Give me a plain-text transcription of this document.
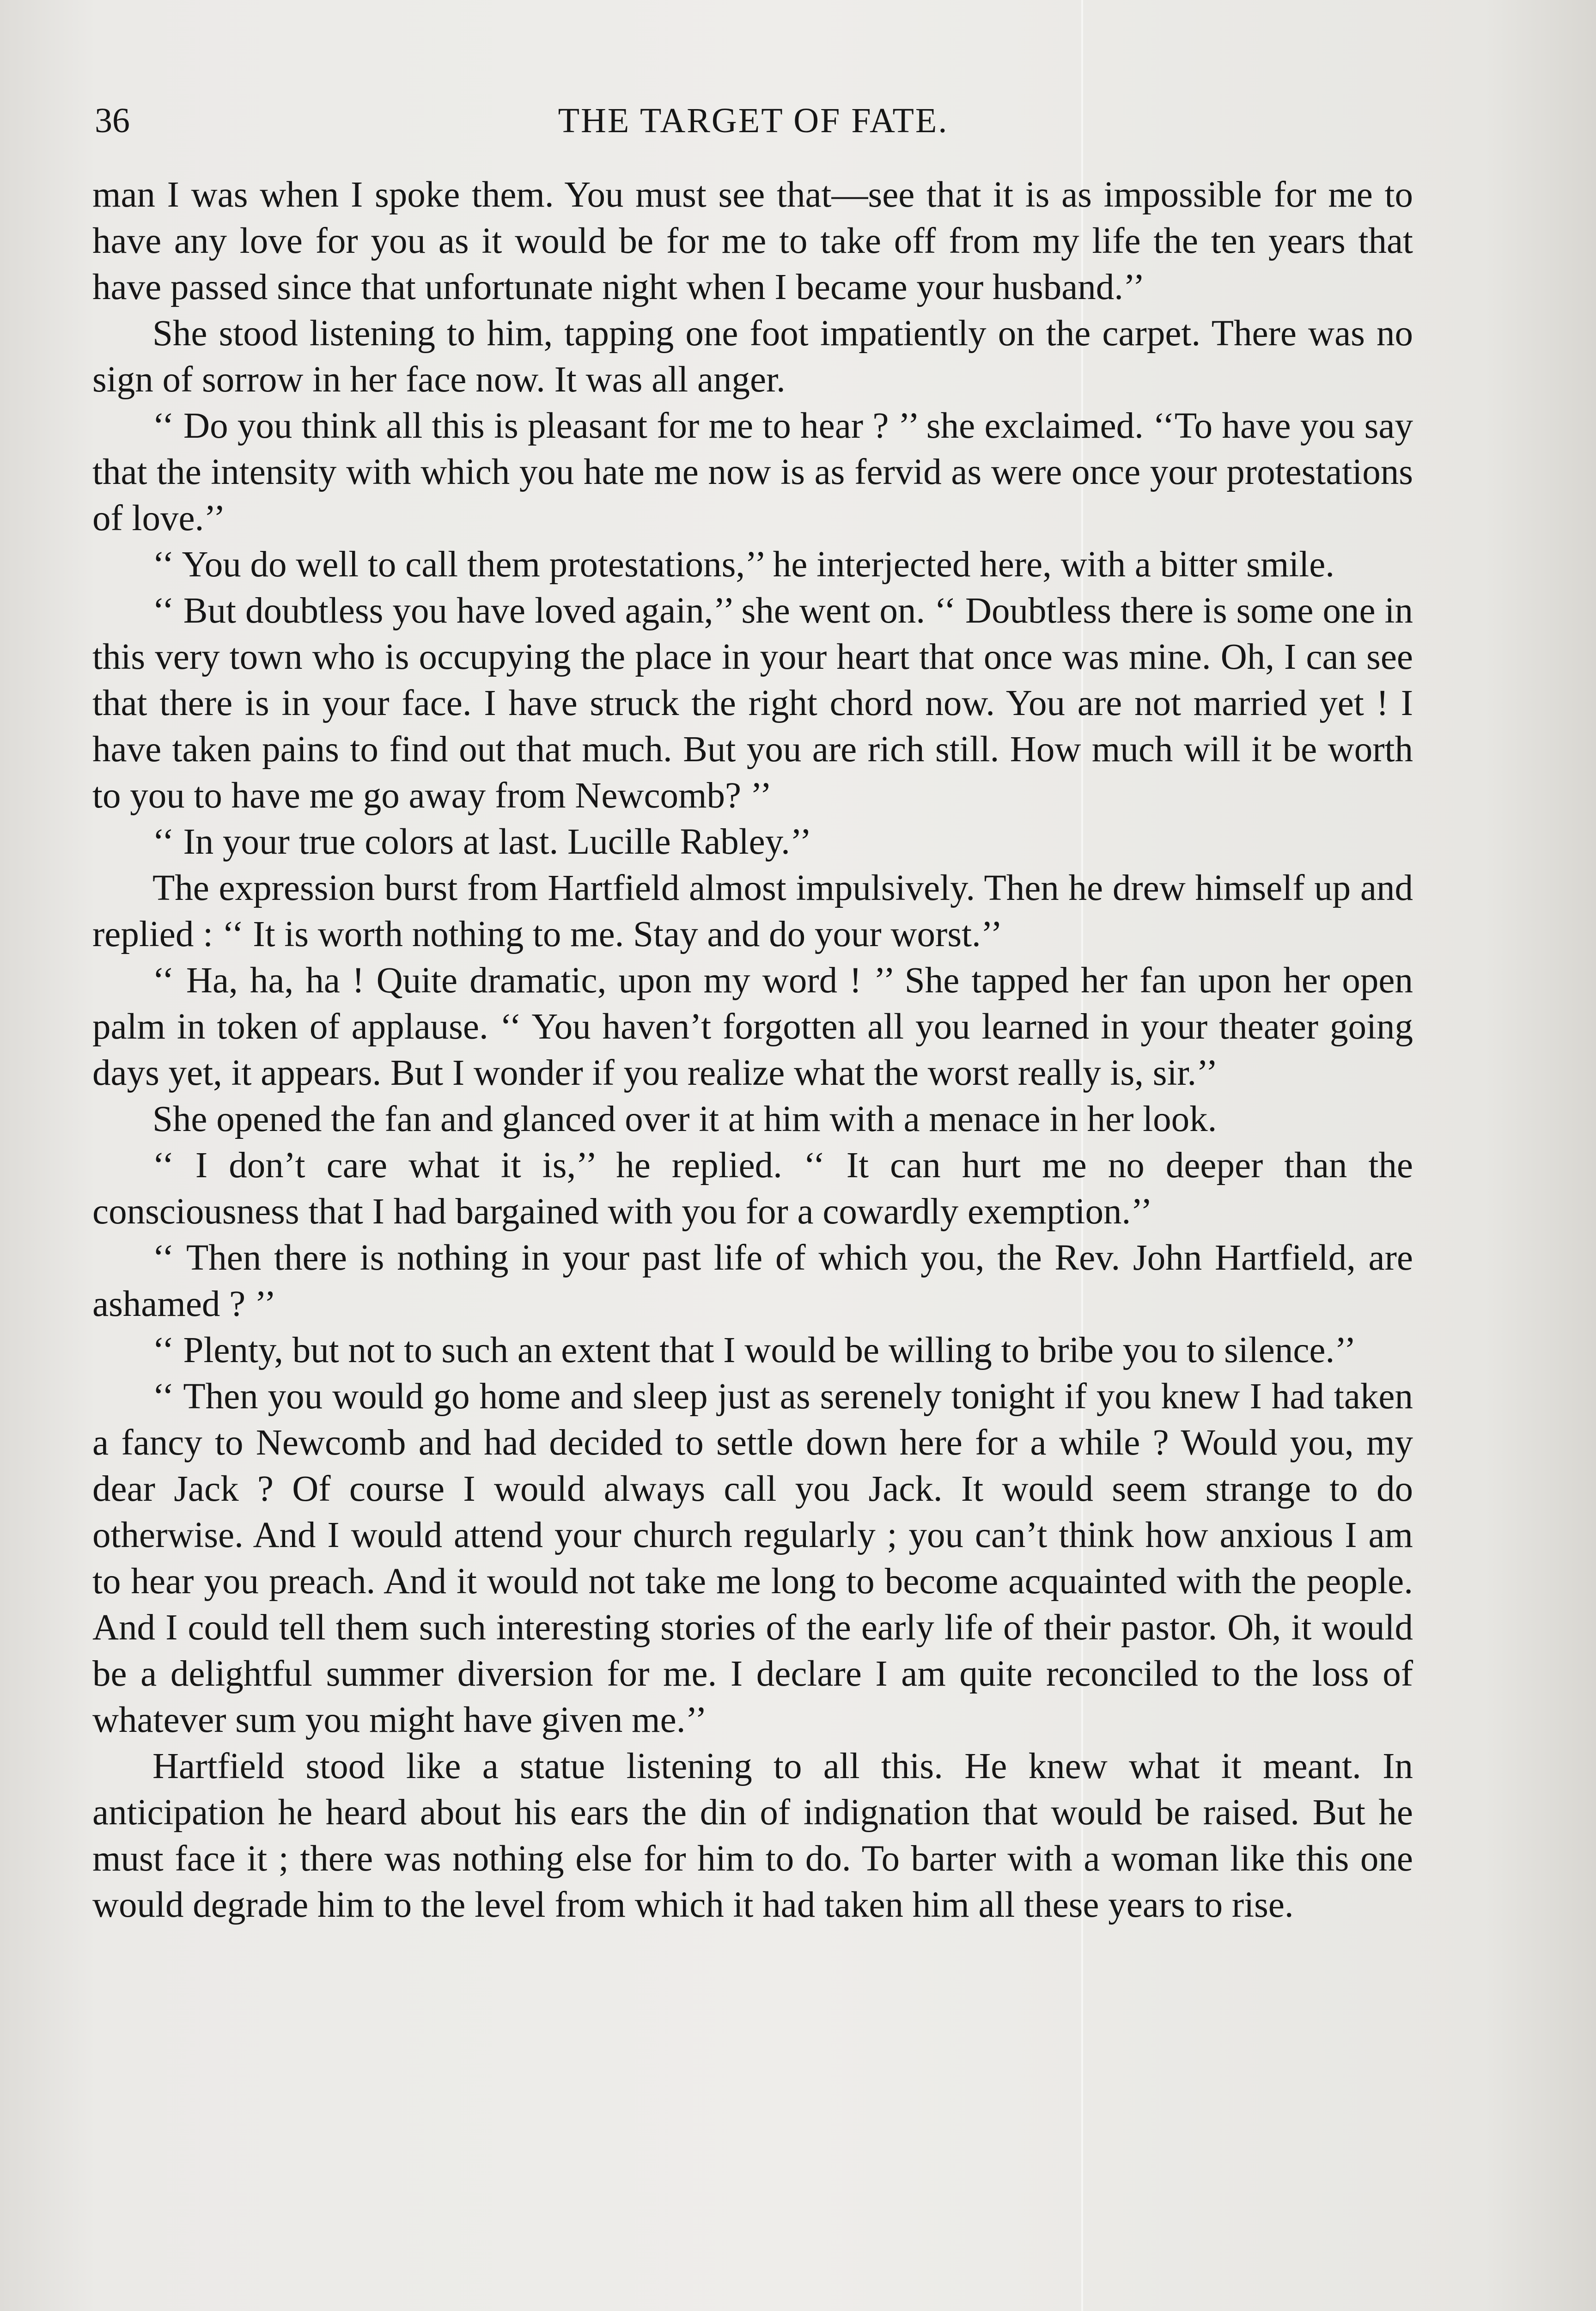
36	THE TARGET OF FATE.

man I was when I spoke them. You must see that—see that it is as impossible for me to have any love for you as it would be for me to take off from my life the ten years that have passed since that unfortunate night when I became your husband.’’

She stood listening to him, tapping one foot impatiently on the carpet. There was no sign of sorrow in her face now. It was all anger.

‘‘ Do you think all this is pleasant for me to hear ? ’’ she exclaimed. ‘‘To have you say that the intensity with which you hate me now is as fervid as were once your protestations of love.’’

‘‘ You do well to call them protestations,’’ he interjected here, with a bitter smile.

‘‘ But doubtless you have loved again,’’ she went on. ‘‘ Doubtless there is some one in this very town who is occupying the place in your heart that once was mine. Oh, I can see that there is in your face. I have struck the right chord now. You are not married yet ! I have taken pains to find out that much. But you are rich still. How much will it be worth to you to have me go away from Newcomb? ’’

‘‘ In your true colors at last. Lucille Rabley.’’

The expression burst from Hartfield almost impulsively. Then he drew himself up and replied : ‘‘ It is worth nothing to me. Stay and do your worst.’’

‘‘ Ha, ha, ha ! Quite dramatic, upon my word ! ’’ She tapped her fan upon her open palm in token of applause. ‘‘ You haven’t forgotten all you learned in your theater going days yet, it appears. But I wonder if you realize what the worst really is, sir.’’

She opened the fan and glanced over it at him with a menace in her look.

‘‘ I don’t care what it is,’’ he replied. ‘‘ It can hurt me no deeper than the consciousness that I had bargained with you for a cowardly exemption.’’

‘‘ Then there is nothing in your past life of which you, the Rev. John Hartfield, are ashamed ? ’’

‘‘ Plenty, but not to such an extent that I would be willing to bribe you to silence.’’

‘‘ Then you would go home and sleep just as serenely tonight if you knew I had taken a fancy to Newcomb and had decided to settle down here for a while ? Would you, my dear Jack ? Of course I would always call you Jack. It would seem strange to do otherwise. And I would attend your church regularly ; you can’t think how anxious I am to hear you preach. And it would not take me long to become acquainted with the people. And I could tell them such interesting stories of the early life of their pastor. Oh, it would be a delightful summer diversion for me. I declare I am quite reconciled to the loss of whatever sum you might have given me.’’

Hartfield stood like a statue listening to all this. He knew what it meant. In anticipation he heard about his ears the din of indignation that would be raised. But he must face it ; there was nothing else for him to do. To barter with a woman like this one would degrade him to the level from which it had taken him all these years to rise.
